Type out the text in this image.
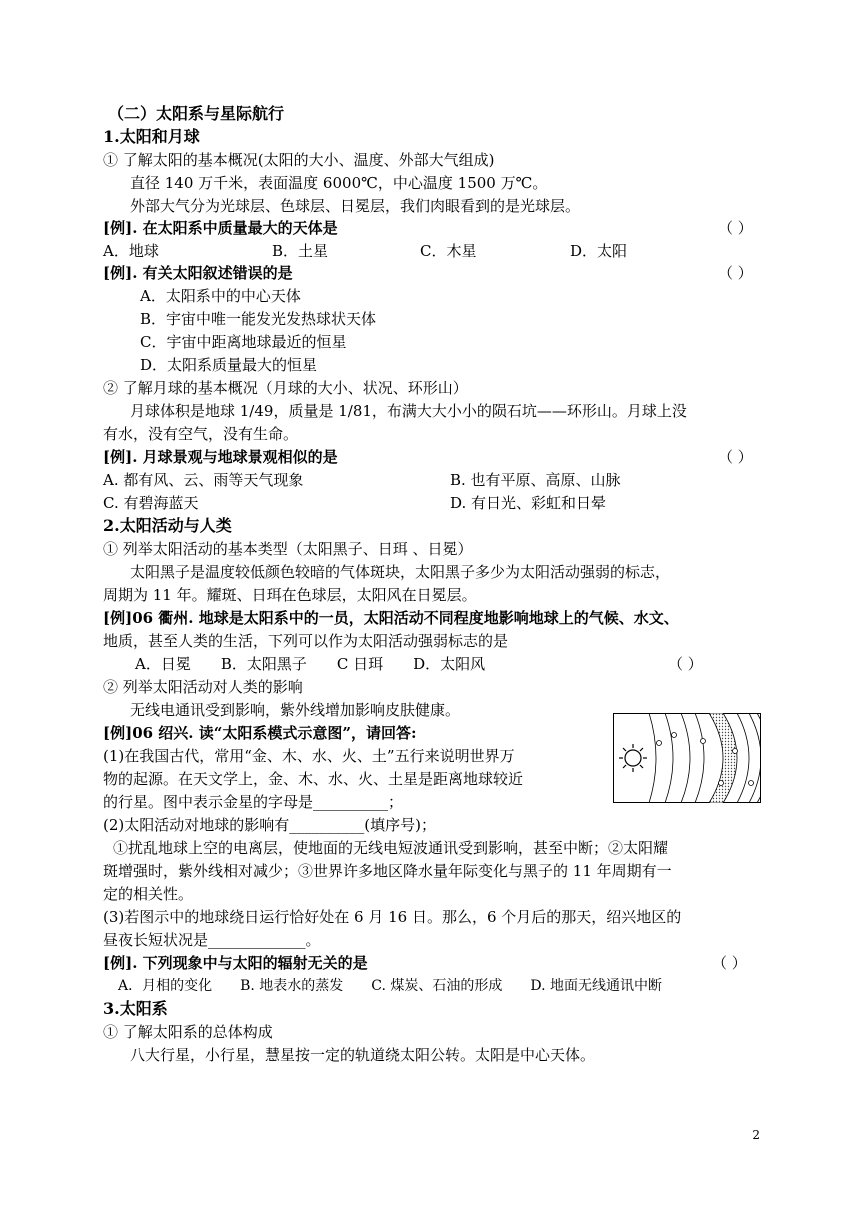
（二）太阳系与星际航行
1.太阳和月球
① 了解太阳的基本概况(太阳的大小、温度、外部大气组成)
直径 140 万千米，表面温度 6000℃，中心温度 1500 万℃。
外部大气分为光球层、色球层、日冕层，我们肉眼看到的是光球层。
[例]. 在太阳系中质量最大的天体是	（ ）
A．地球	B．土星	C．木星	D．太阳
[例]. 有关太阳叙述错误的是	（ ）
A．太阳系中的中心天体
B．宇宙中唯一能发光发热球状天体
C．宇宙中距离地球最近的恒星
D．太阳系质量最大的恒星
② 了解月球的基本概况（月球的大小、状况、环形山）
月球体积是地球 1/49，质量是 1/81，布满大大小小的陨石坑——环形山。月球上没
有水，没有空气，没有生命。
[例]. 月球景观与地球景观相似的是	（ ）
A. 都有风、云、雨等天气现象	B. 也有平原、高原、山脉
C. 有碧海蓝天	D. 有日光、彩虹和日晕
2.太阳活动与人类
① 列举太阳活动的基本类型（太阳黑子、日珥 、日冕）
太阳黑子是温度较低颜色较暗的气体斑块，太阳黑子多少为太阳活动强弱的标志，
周期为 11 年。耀斑、日珥在色球层，太阳风在日冕层。
[例]06 衢州. 地球是太阳系中的一员，太阳活动不同程度地影响地球上的气候、水文、
地质，甚至人类的生活，下列可以作为太阳活动强弱标志的是
A．日冕　　B．太阳黑子　　C 日珥　　D．太阳风	（ ）
② 列举太阳活动对人类的影响
无线电通讯受到影响，紫外线增加影响皮肤健康。
[例]06 绍兴. 读“太阳系模式示意图”，请回答:
(1)在我国古代，常用“金、木、水、火、土”五行来说明世界万
物的起源。在天文学上，金、木、水、火、土星是距离地球较近
的行星。图中表示金星的字母是__________；
(2)太阳活动对地球的影响有__________(填序号)；
①扰乱地球上空的电离层，使地面的无线电短波通讯受到影响，甚至中断；②太阳耀
斑增强时，紫外线相对减少；③世界许多地区降水量年际变化与黑子的 11 年周期有一
定的相关性。
(3)若图示中的地球绕日运行恰好处在 6 月 16 日。那么，6 个月后的那天，绍兴地区的
昼夜长短状况是_____________。
[例]. 下列现象中与太阳的辐射无关的是	（ ）
A．月相的变化　　B. 地表水的蒸发　　C. 煤炭、石油的形成　　D. 地面无线通讯中断
3.太阳系
① 了解太阳系的总体构成
八大行星，小行星，慧星按一定的轨道绕太阳公转。太阳是中心天体。
2
